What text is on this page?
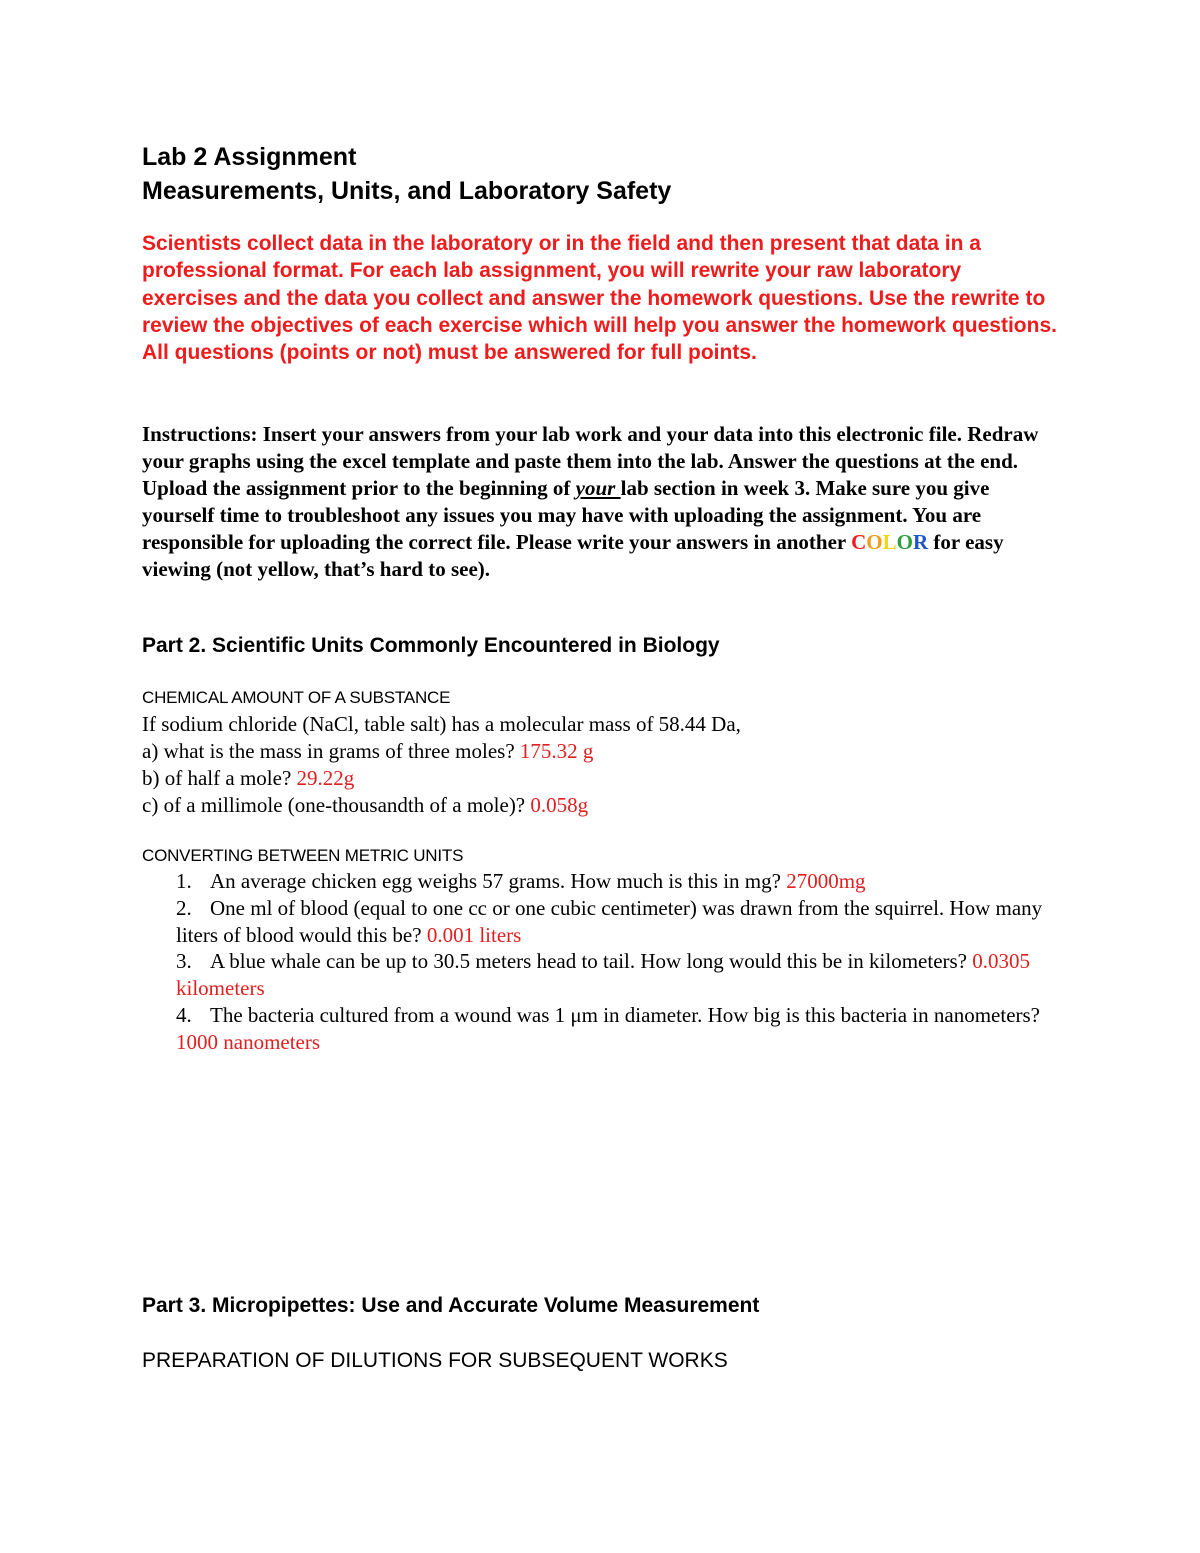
Lab 2 Assignment
Measurements, Units, and Laboratory Safety
Scientists collect data in the laboratory or in the field and then present that data in a professional format. For each lab assignment, you will rewrite your raw laboratory exercises and the data you collect and answer the homework questions. Use the rewrite to review the objectives of each exercise which will help you answer the homework questions. All questions (points or not) must be answered for full points.
Instructions: Insert your answers from your lab work and your data into this electronic file. Redraw your graphs using the excel template and paste them into the lab. Answer the questions at the end. Upload the assignment prior to the beginning of your lab section in week 3. Make sure you give yourself time to troubleshoot any issues you may have with uploading the assignment. You are responsible for uploading the correct file. Please write your answers in another COLOR for easy viewing (not yellow, that’s hard to see).
Part 2. Scientific Units Commonly Encountered in Biology
CHEMICAL AMOUNT OF A SUBSTANCE
If sodium chloride (NaCl, table salt) has a molecular mass of 58.44 Da,
a) what is the mass in grams of three moles? 175.32 g
b) of half a mole? 29.22g
c) of a millimole (one-thousandth of a mole)? 0.058g
CONVERTING BETWEEN METRIC UNITS
1. An average chicken egg weighs 57 grams. How much is this in mg? 27000mg
2. One ml of blood (equal to one cc or one cubic centimeter) was drawn from the squirrel. How many liters of blood would this be? 0.001 liters
3. A blue whale can be up to 30.5 meters head to tail. How long would this be in kilometers? 0.0305 kilometers
4. The bacteria cultured from a wound was 1 μm in diameter. How big is this bacteria in nanometers? 1000 nanometers
Part 3. Micropipettes: Use and Accurate Volume Measurement
PREPARATION OF DILUTIONS FOR SUBSEQUENT WORKS
